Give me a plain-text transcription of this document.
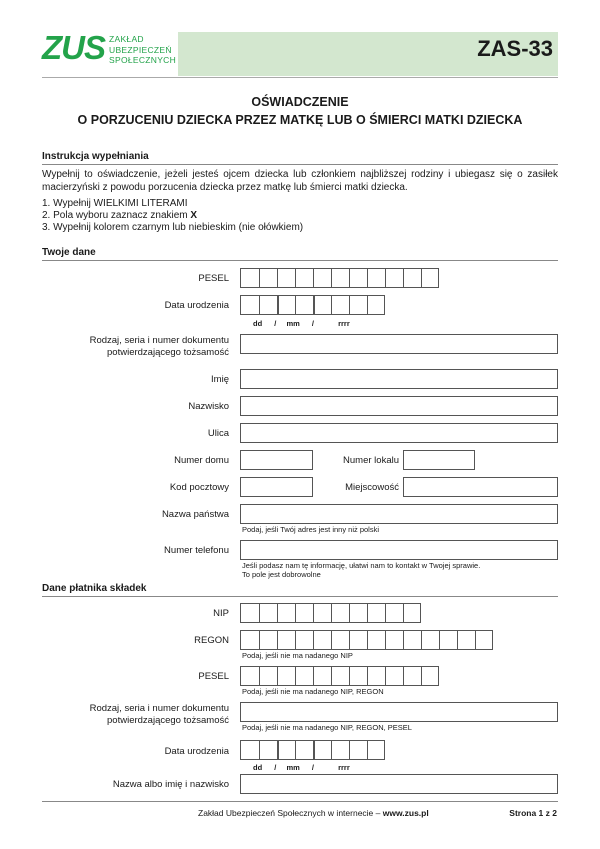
ZUS ZAKŁAD
UBEZPIECZEŃ
SPOŁECZNYCH	ZAS-33
OŚWIADCZENIE
O PORZUCENIU DZIECKA PRZEZ MATKĘ LUB O ŚMIERCI MATKI DZIECKA
Instrukcja wypełniania
Wypełnij to oświadczenie, jeżeli jesteś ojcem dziecka lub członkiem najbliższej rodziny i ubiegasz się o zasiłek
macierzyński z powodu porzucenia dziecka przez matkę lub śmierci matki dziecka.
1. Wypełnij WIELKIMI LITERAMI
2. Pola wyboru zaznacz znakiem X
3. Wypełnij kolorem czarnym lub niebieskim (nie ołówkiem)
Twoje dane
PESEL
Data urodzenia
dd / mm /	rrrr
Rodzaj, seria i numer dokumentu
potwierdzającego tożsamość
Imię
Nazwisko
Ulica
Numer domu	Numer lokalu
Kod pocztowy	Miejscowość
Nazwa państwa
Podaj, jeśli Twój adres jest inny niż polski
Numer telefonu
Jeśli podasz nam tę informację, ułatwi nam to kontakt w Twojej sprawie.
To pole jest dobrowolne
Dane płatnika składek
NIP
REGON
Podaj, jeśli nie ma nadanego NIP
PESEL
Podaj, jeśli nie ma nadanego NIP, REGON
Rodzaj, seria i numer dokumentu
potwierdzającego tożsamość
Podaj, jeśli nie ma nadanego NIP, REGON, PESEL
Data urodzenia
dd / mm /	rrrr
Nazwa albo imię i nazwisko
Zakład Ubezpieczeń Społecznych w internecie – www.zus.pl	Strona 1 z 2
